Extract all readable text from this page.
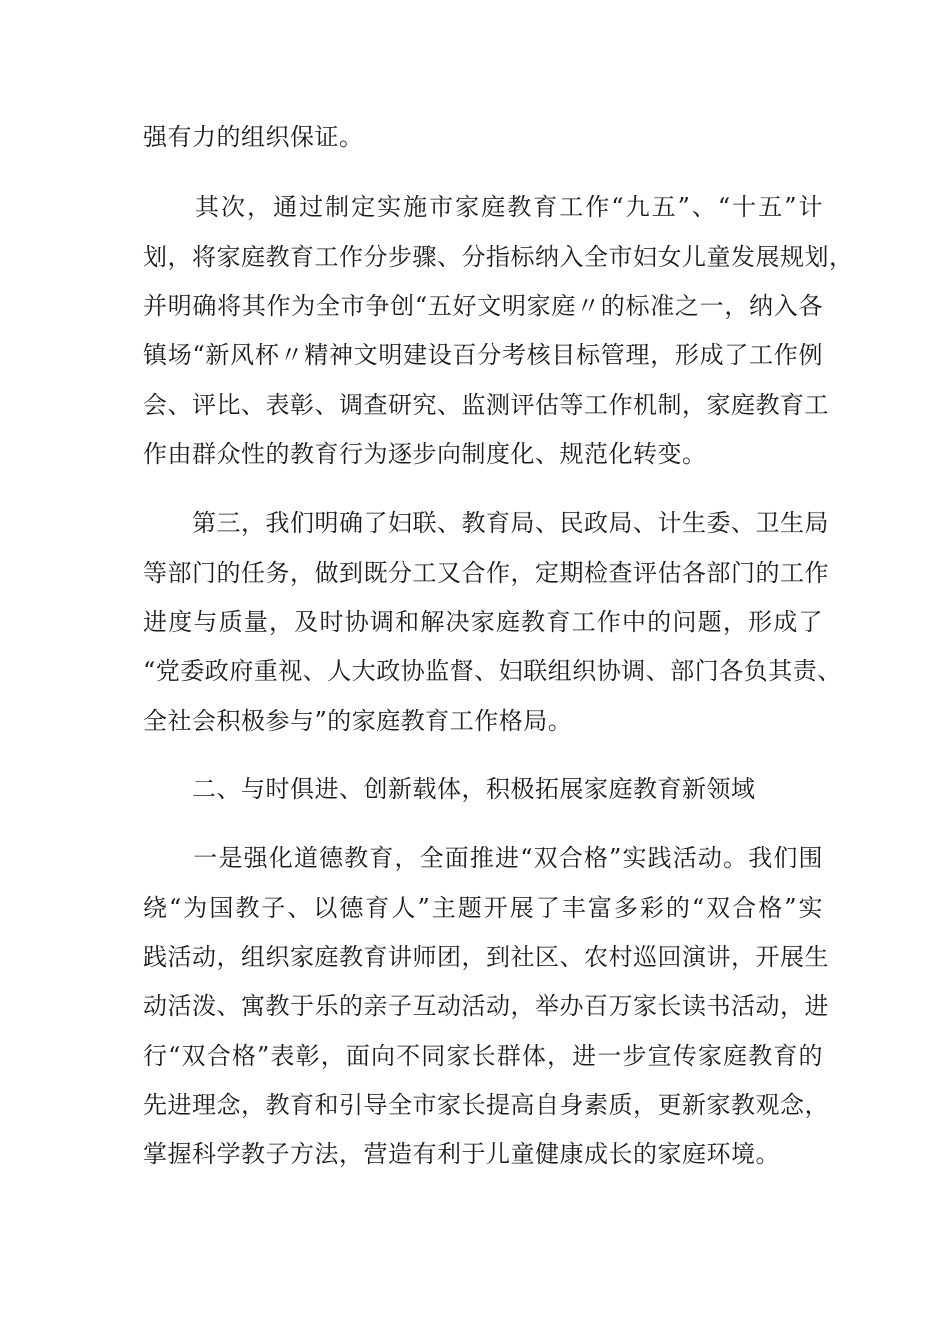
强有力的组织保证。
　　其次，通过制定实施市家庭教育工作“九五”、“十五”计
划，将家庭教育工作分步骤、分指标纳入全市妇女儿童发展规划，
并明确将其作为全市争创“五好文明家庭〃的标准之一，纳入各
镇场“新风杯〃精神文明建设百分考核目标管理，形成了工作例
会、评比、表彰、调查研究、监测评估等工作机制，家庭教育工
作由群众性的教育行为逐步向制度化、规范化转变。
　　第三，我们明确了妇联、教育局、民政局、计生委、卫生局
等部门的任务，做到既分工又合作，定期检查评估各部门的工作
进度与质量，及时协调和解决家庭教育工作中的问题，形成了
“党委政府重视、人大政协监督、妇联组织协调、部门各负其责、
全社会积极参与”的家庭教育工作格局。
　　二、与时俱进、创新载体，积极拓展家庭教育新领域
　　一是强化道德教育，全面推进“双合格”实践活动。我们围
绕“为国教子、以德育人”主题开展了丰富多彩的“双合格”实
践活动，组织家庭教育讲师团，到社区、农村巡回演讲，开展生
动活泼、寓教于乐的亲子互动活动，举办百万家长读书活动，进
行“双合格”表彰，面向不同家长群体，进一步宣传家庭教育的
先进理念，教育和引导全市家长提高自身素质，更新家教观念，
掌握科学教子方法，营造有利于儿童健康成长的家庭环境。
